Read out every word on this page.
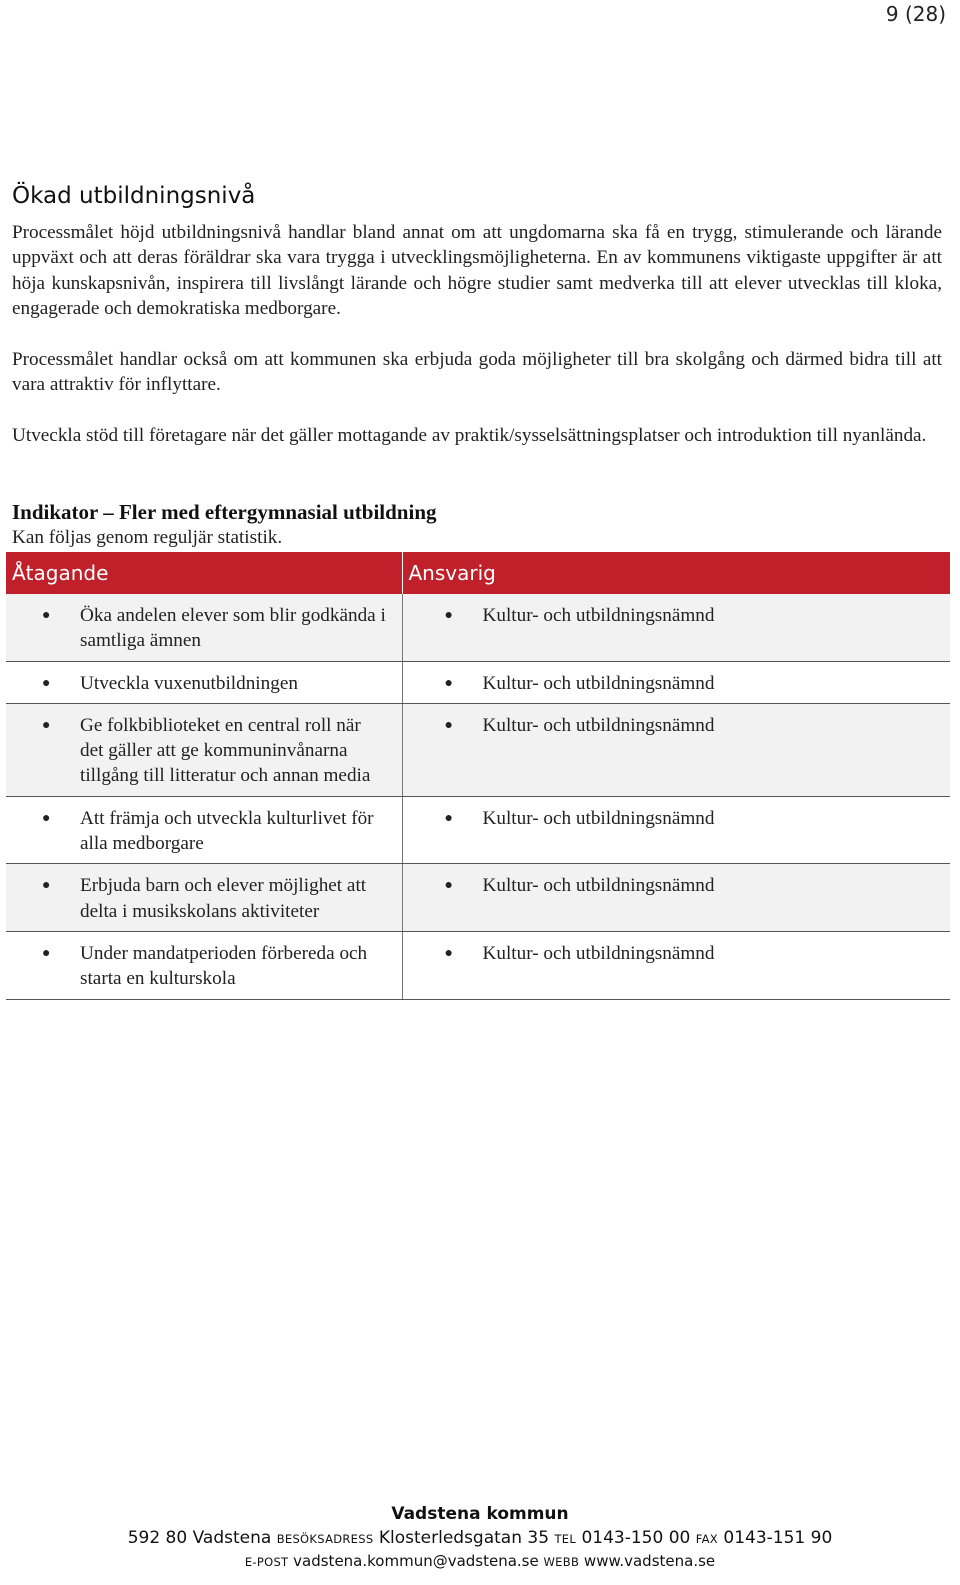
9 (28)
Ökad utbildningsnivå

Processmålet höjd utbildningsnivå handlar bland annat om att ungdomarna ska få en trygg, stimulerande och lärande uppväxt och att deras föräldrar ska vara trygga i utvecklingsmöjligheterna. En av kommunens viktigaste uppgifter är att höja kunskapsnivån, inspirera till livslångt lärande och högre studier samt medverka till att elever utvecklas till kloka, engagerade och demokratiska medborgare.

Processmålet handlar också om att kommunen ska erbjuda goda möjligheter till bra skolgång och därmed bidra till att vara attraktiv för inflyttare.

Utveckla stöd till företagare när det gäller mottagande av praktik/sysselsättningsplatser och introduktion till nyanlända.

Indikator – Fler med eftergymnasial utbildning

Kan följas genom reguljär statistik.

Åtagande	Ansvarig

● Öka andelen elever som blir godkända i samtliga ämnen	● Kultur- och utbildningsnämnd

● Utveckla vuxenutbildningen	● Kultur- och utbildningsnämnd

● Ge folkbiblioteket en central roll när det gäller att ge kommuninvånarna tillgång till litteratur och annan media	● Kultur- och utbildningsnämnd

● Att främja och utveckla kulturlivet för alla medborgare	● Kultur- och utbildningsnämnd

● Erbjuda barn och elever möjlighet att delta i musikskolans aktiviteter	● Kultur- och utbildningsnämnd

● Under mandatperioden förbereda och starta en kulturskola	● Kultur- och utbildningsnämnd
Vadstena kommun
592 80 Vadstena BESÖKSADRESS Klosterledsgatan 35 TEL 0143-150 00 FAX 0143-151 90
E-POST vadstena.kommun@vadstena.se WEBB www.vadstena.se
